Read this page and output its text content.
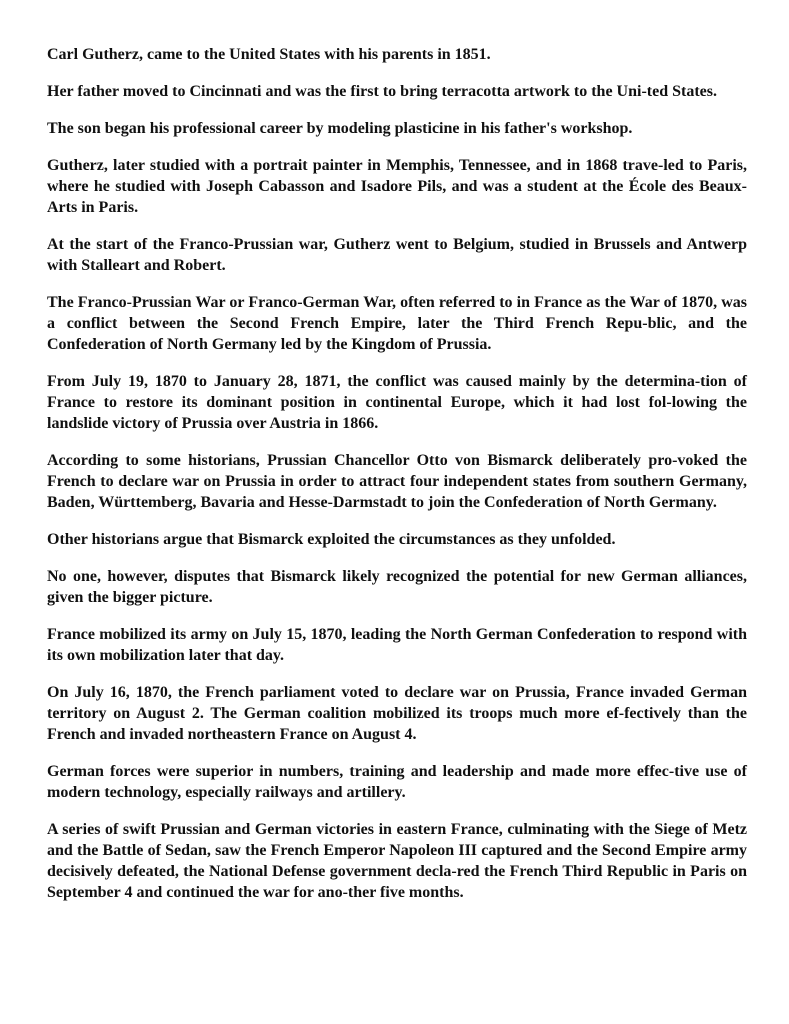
Carl Gutherz, came to the United States with his parents in 1851.

Her father moved to Cincinnati and was the first to bring terracotta artwork to the Uni-ted States.

The son began his professional career by modeling plasticine in his father's workshop.

Gutherz, later studied with a portrait painter in Memphis, Tennessee, and in 1868 trave-led to Paris, where he studied with Joseph Cabasson and Isadore Pils, and was a student at the École des Beaux-Arts in Paris.

At the start of the Franco-Prussian war, Gutherz went to Belgium, studied in Brussels and Antwerp with Stalleart and Robert.

The Franco-Prussian War or Franco-German War, often referred to in France as the War of 1870, was a conflict between the Second French Empire, later the Third French Repu-blic, and the Confederation of North Germany led by the Kingdom of Prussia.

From July 19, 1870 to January 28, 1871, the conflict was caused mainly by the determina-tion of France to restore its dominant position in continental Europe, which it had lost fol-lowing the landslide victory of Prussia over Austria in 1866.

According to some historians, Prussian Chancellor Otto von Bismarck deliberately pro-voked the French to declare war on Prussia in order to attract four independent states from southern Germany, Baden, Württemberg, Bavaria and Hesse-Darmstadt to join the Confederation of North Germany.

Other historians argue that Bismarck exploited the circumstances as they unfolded.

No one, however, disputes that Bismarck likely recognized the potential for new German alliances, given the bigger picture.

France mobilized its army on July 15, 1870, leading the North German Confederation to respond with its own mobilization later that day.

On July 16, 1870, the French parliament voted to declare war on Prussia, France invaded German territory on August 2. The German coalition mobilized its troops much more ef-fectively than the French and invaded northeastern France on August 4.

German forces were superior in numbers, training and leadership and made more effec-tive use of modern technology, especially railways and artillery.

A series of swift Prussian and German victories in eastern France, culminating with the Siege of Metz and the Battle of Sedan, saw the French Emperor Napoleon III captured and the Second Empire army decisively defeated, the National Defense government decla-red the French Third Republic in Paris on September 4 and continued the war for ano-ther five months.
